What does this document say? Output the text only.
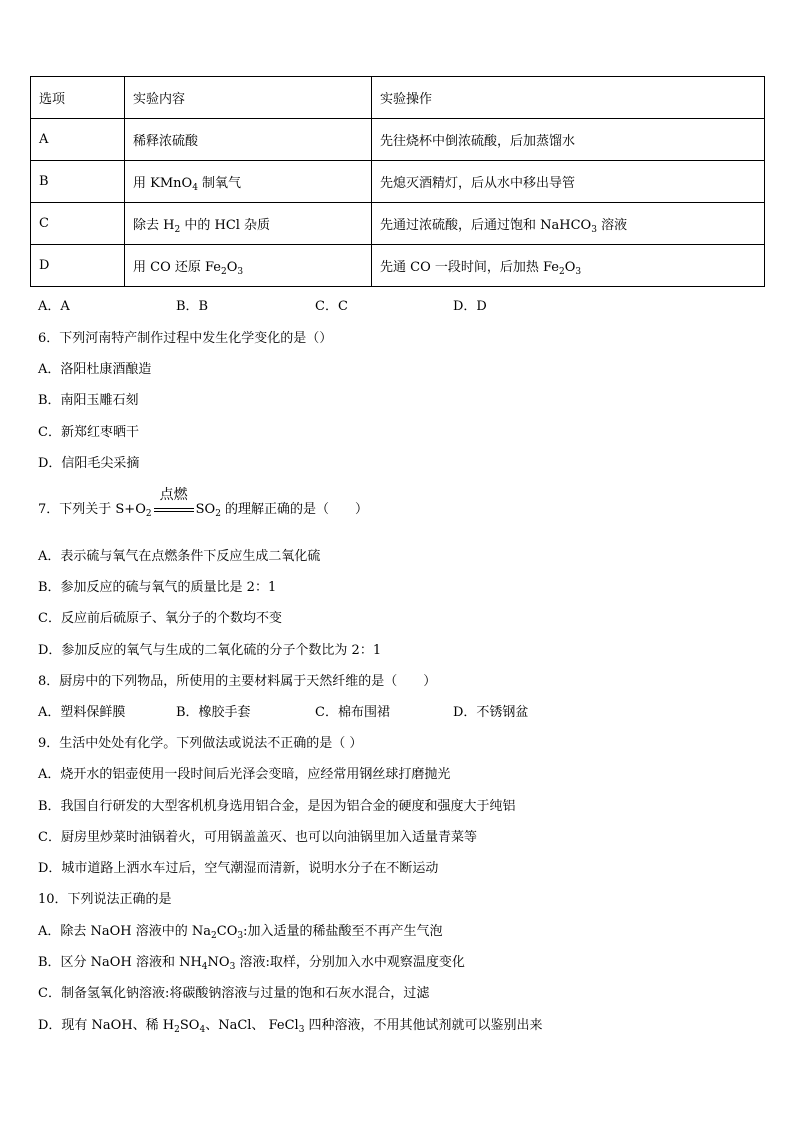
选项	实验内容	实验操作
A	稀释浓硫酸	先往烧杯中倒浓硫酸，后加蒸馏水
B	用 KMnO$_4$ 制氧气	先熄灭酒精灯，后从水中移出导管
C	除去 $H_2$ 中的 HCl 杂质	先通过浓硫酸，后通过饱和 NaHCO$_3$ 溶液
D	用 CO 还原 $Fe_2O_3$	先通 CO 一段时间，后加热 $Fe_2O_3$
A．A	B．B	C．C	D．D
6．下列河南特产制作过程中发生化学变化的是（）
A．洛阳杜康酒酿造
B．南阳玉雕石刻
C．新郑红枣晒干
D．信阳毛尖采摘
7．下列关于 $S+O_2$
点燃
$SO_2$ 的理解正确的是（　　）
A．表示硫与氧气在点燃条件下反应生成二氧化硫
B．参加反应的硫与氧气的质量比是 2：1
C．反应前后硫原子、氧分子的个数均不变
D．参加反应的氧气与生成的二氧化硫的分子个数比为 2：1
8．厨房中的下列物品，所使用的主要材料属于天然纤维的是（　　）
A．塑料保鲜膜	B．橡胶手套	C．棉布围裙	D．不锈钢盆
9．生活中处处有化学。下列做法或说法不正确的是（ ）
A．烧开水的铝壶使用一段时间后光泽会变暗，应经常用钢丝球打磨抛光
B．我国自行研发的大型客机机身选用铝合金，是因为铝合金的硬度和强度大于纯铝
C．厨房里炒菜时油锅着火，可用锅盖盖灭、也可以向油锅里加入适量青菜等
D．城市道路上洒水车过后，空气潮湿而清新，说明水分子在不断运动
10．下列说法正确的是
A．除去 NaOH 溶液中的 $Na_2CO_3$:加入适量的稀盐酸至不再产生气泡
B．区分 NaOH 溶液和 $NH_4NO_3$ 溶液:取样，分别加入水中观察温度变化
C．制备氢氧化钠溶液:将碳酸钠溶液与过量的饱和石灰水混合，过滤
D．现有 NaOH、稀 $H_2SO_4$、NaCl、 FeCl$_3$ 四种溶液，不用其他试剂就可以鉴别出来
